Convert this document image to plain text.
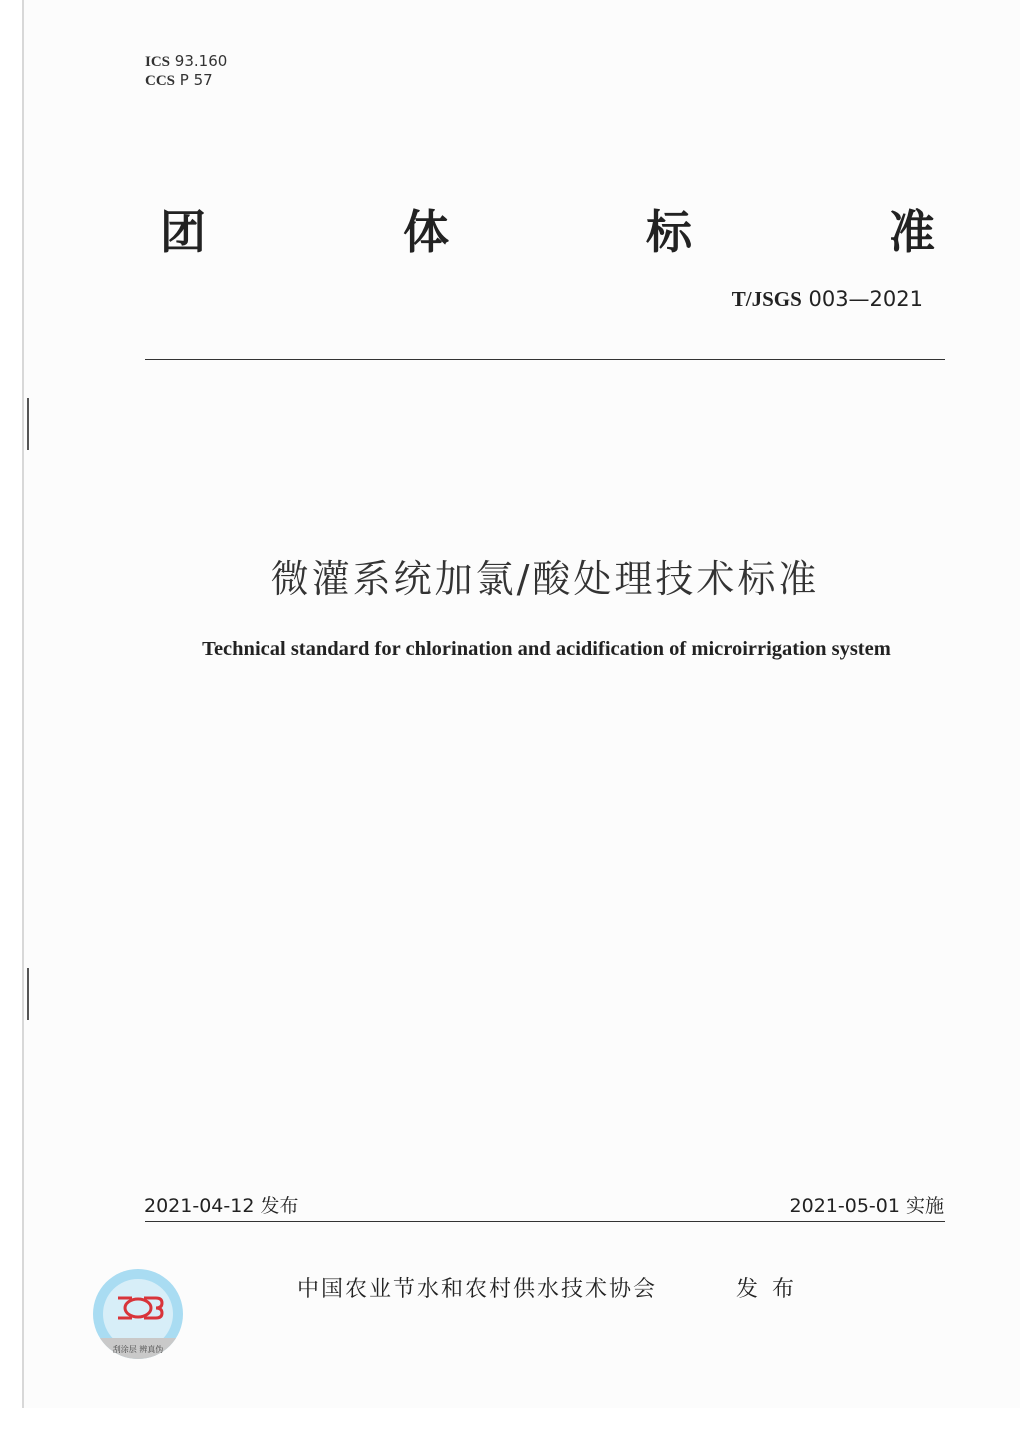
ICS 93.160
CCS P 57
团	体	标	准
T/JSGS 003—2021
微灌系统加氯/酸处理技术标准
Technical standard for chlorination and acidification of microirrigation system
2021-04-12 发布	2021-05-01 实施
刮涂层 辨真伪
中国农业节水和农村供水技术协会	发布
